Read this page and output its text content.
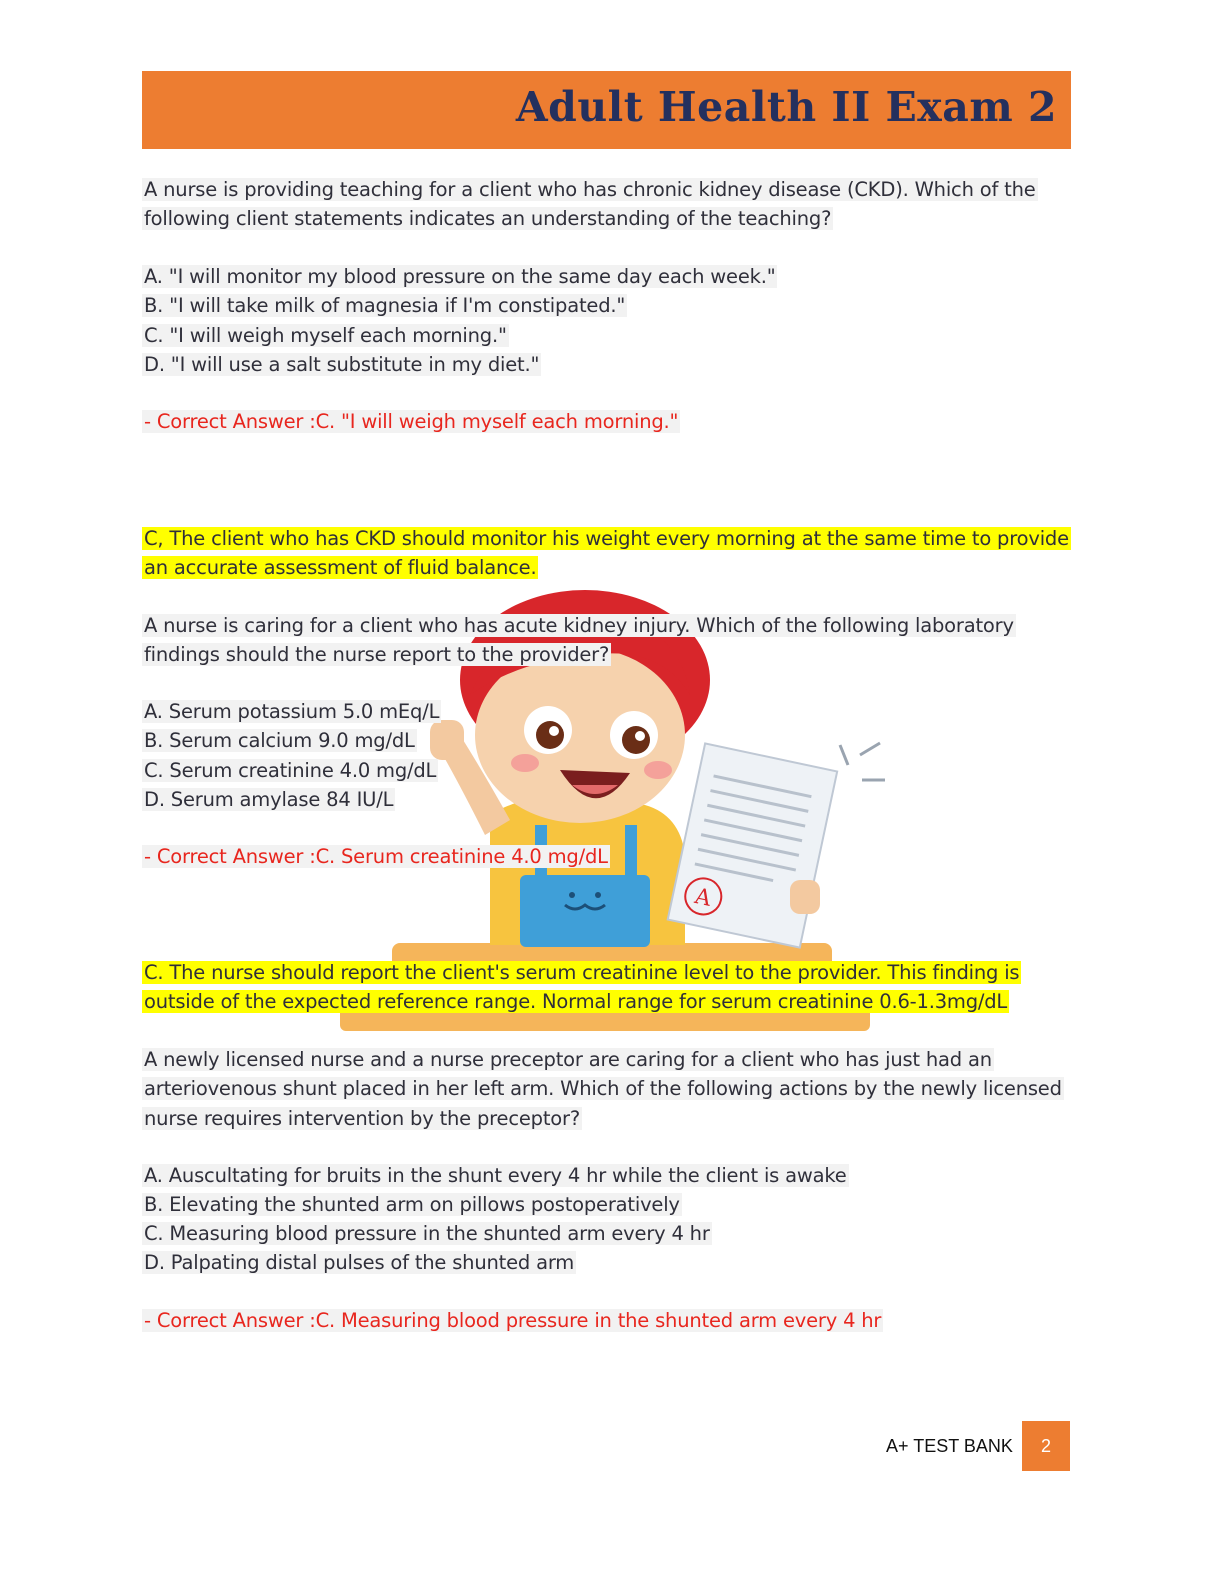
Adult Health II Exam 2
A
A nurse is providing teaching for a client who has chronic kidney disease (CKD). Which of the
following client statements indicates an understanding of the teaching?
A. "I will monitor my blood pressure on the same day each week."
B. "I will take milk of magnesia if I'm constipated."
C. "I will weigh myself each morning."
D. "I will use a salt substitute in my diet."
- Correct Answer :C. "I will weigh myself each morning."
C, The client who has CKD should monitor his weight every morning at the same time to provide
an accurate assessment of fluid balance.
A nurse is caring for a client who has acute kidney injury. Which of the following laboratory
findings should the nurse report to the provider?
A. Serum potassium 5.0 mEq/L
B. Serum calcium 9.0 mg/dL
C. Serum creatinine 4.0 mg/dL
D. Serum amylase 84 IU/L
- Correct Answer :C. Serum creatinine 4.0 mg/dL
C. The nurse should report the client's serum creatinine level to the provider. This finding is
outside of the expected reference range. Normal range for serum creatinine 0.6-1.3mg/dL
A newly licensed nurse and a nurse preceptor are caring for a client who has just had an
arteriovenous shunt placed in her left arm. Which of the following actions by the newly licensed
nurse requires intervention by the preceptor?
A. Auscultating for bruits in the shunt every 4 hr while the client is awake
B. Elevating the shunted arm on pillows postoperatively
C. Measuring blood pressure in the shunted arm every 4 hr
D. Palpating distal pulses of the shunted arm
- Correct Answer :C. Measuring blood pressure in the shunted arm every 4 hr
A+ TEST BANK	2
